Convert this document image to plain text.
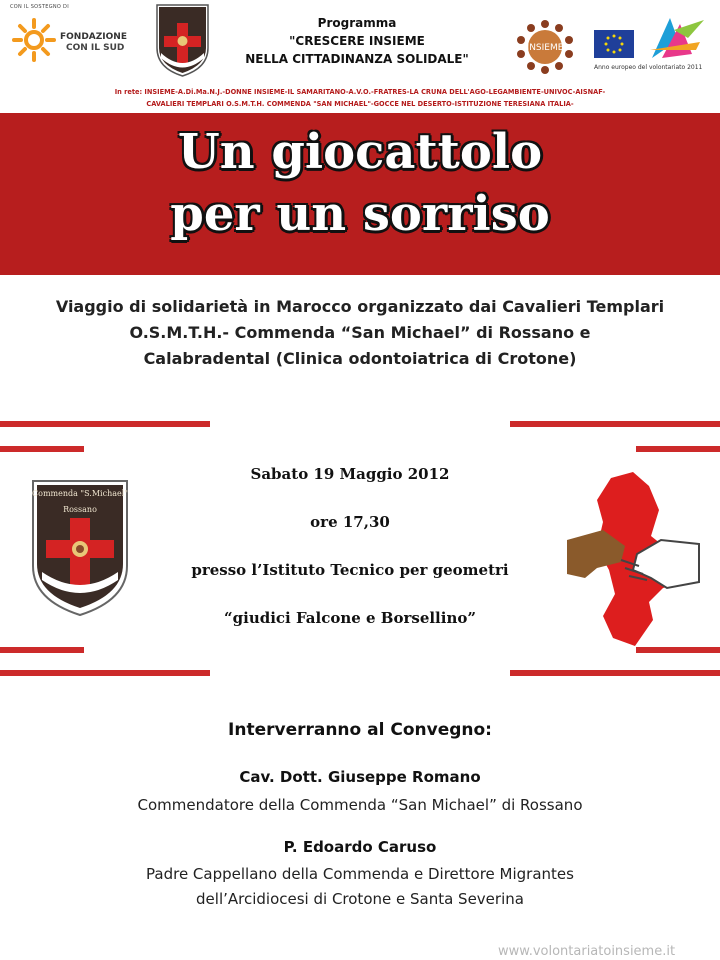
CON IL SOSTEGNO DI
FONDAZIONE
CON IL SUD
Programma
"CRESCERE INSIEME
NELLA CITTADINANZA SOLIDALE"
INSIEME
Anno europeo del volontariato 2011
In rete: INSIEME-A.Di.Ma.N.J.-DONNE INSIEME-IL SAMARITANO-A.V.O.-FRATRES-LA CRUNA DELL'AGO-LEGAMBIENTE-UNIVOC-AISNAF-
CAVALIERI TEMPLARI O.S.M.T.H. COMMENDA "SAN MICHAEL"-GOCCE NEL DESERTO-ISTITUZIONE TERESIANA ITALIA-
Un giocattolo
per un sorriso
Viaggio di solidarietà in Marocco organizzato dai Cavalieri Templari
O.S.M.T.H.- Commenda “San Michael” di Rossano e
Calabradental (Clinica odontoiatrica di Crotone)
Commenda "S.Michael"
Rossano
Sabato 19 Maggio 2012
ore 17,30
presso l’Istituto Tecnico per geometri
“giudici Falcone e Borsellino”
Interverranno al Convegno:
Cav. Dott. Giuseppe Romano
Commendatore della Commenda “San Michael” di Rossano
P. Edoardo Caruso
Padre Cappellano della Commenda e Direttore Migrantes
dell’Arcidiocesi di Crotone e Santa Severina
www.volontariatoinsieme.it
